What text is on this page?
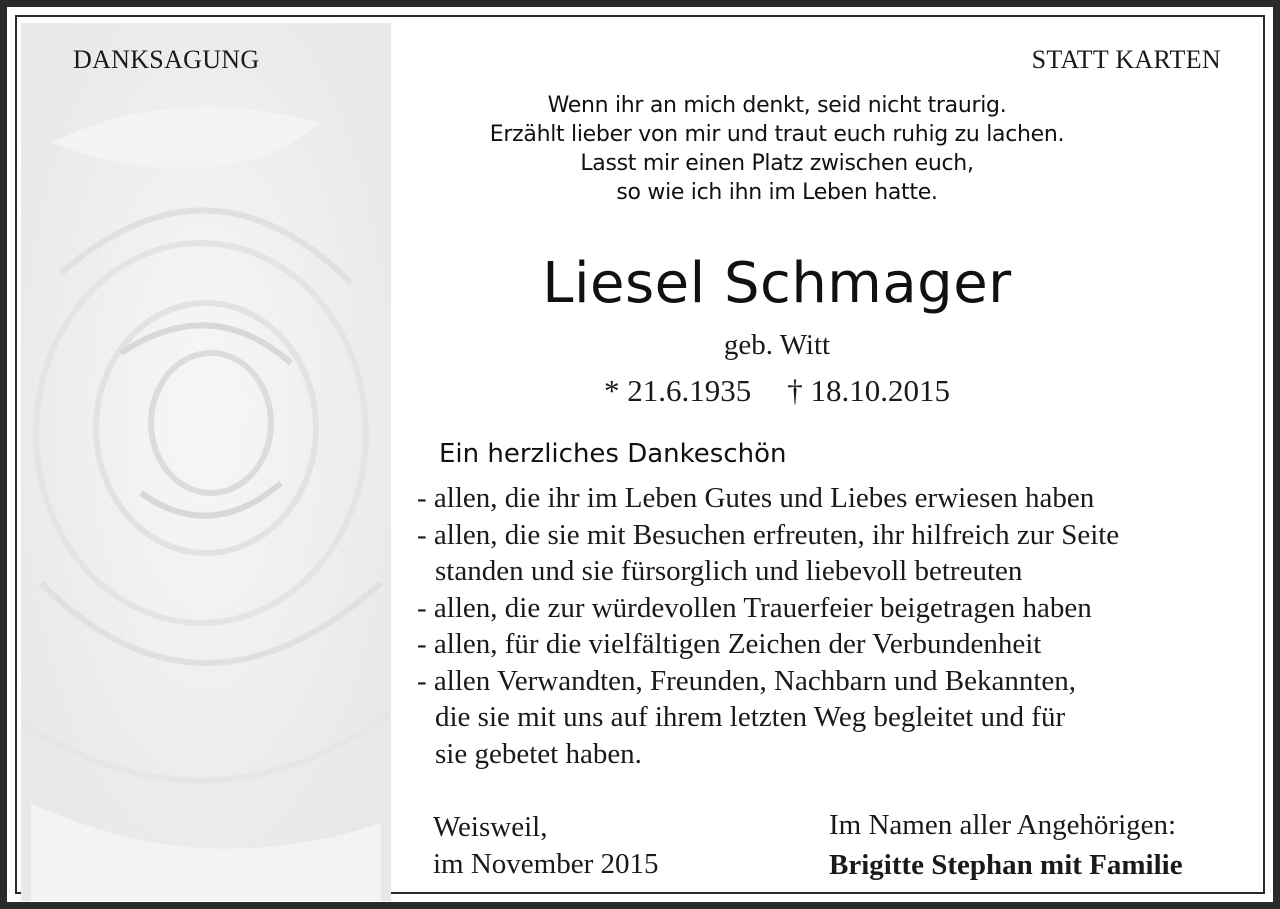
DANKSAGUNG	STATT KARTEN
Wenn ihr an mich denkt, seid nicht traurig.
Erzählt lieber von mir und traut euch ruhig zu lachen.
Lasst mir einen Platz zwischen euch,
so wie ich ihn im Leben hatte.
Liesel Schmager
geb. Witt
* 21.6.1935 † 18.10.2015
Ein herzliches Dankeschön
- allen, die ihr im Leben Gutes und Liebes erwiesen haben
- allen, die sie mit Besuchen erfreuten, ihr hilfreich zur Seite
standen und sie fürsorglich und liebevoll betreuten
- allen, die zur würdevollen Trauerfeier beigetragen haben
- allen, für die vielfältigen Zeichen der Verbundenheit
- allen Verwandten, Freunden, Nachbarn und Bekannten,
die sie mit uns auf ihrem letzten Weg begleitet und für
sie gebetet haben.
Weisweil,
im November 2015
Im Namen aller Angehörigen:
Brigitte Stephan mit Familie
